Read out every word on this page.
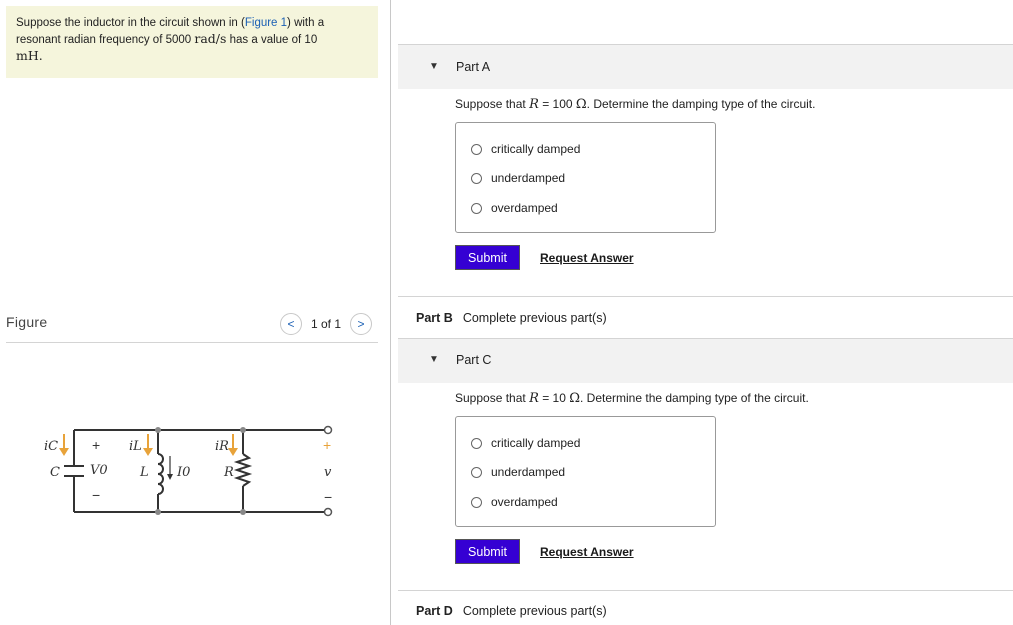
Suppose the inductor in the circuit shown in (Figure 1) with a
resonant radian frequency of 5000 rad/s has a value of 10
mH.
Figure	<	1 of 1	>
iC	iL	iR
C	L	R
V0	I0	v
+
−
+
−
▼ Part A
Suppose that R = 100 Ω. Determine the damping type of the circuit.
critically damped
underdamped
overdamped
Submit	Request Answer
Part B Complete previous part(s)
▼ Part C
Suppose that R = 10 Ω. Determine the damping type of the circuit.
critically damped
underdamped
overdamped
Submit	Request Answer
Part D Complete previous part(s)
